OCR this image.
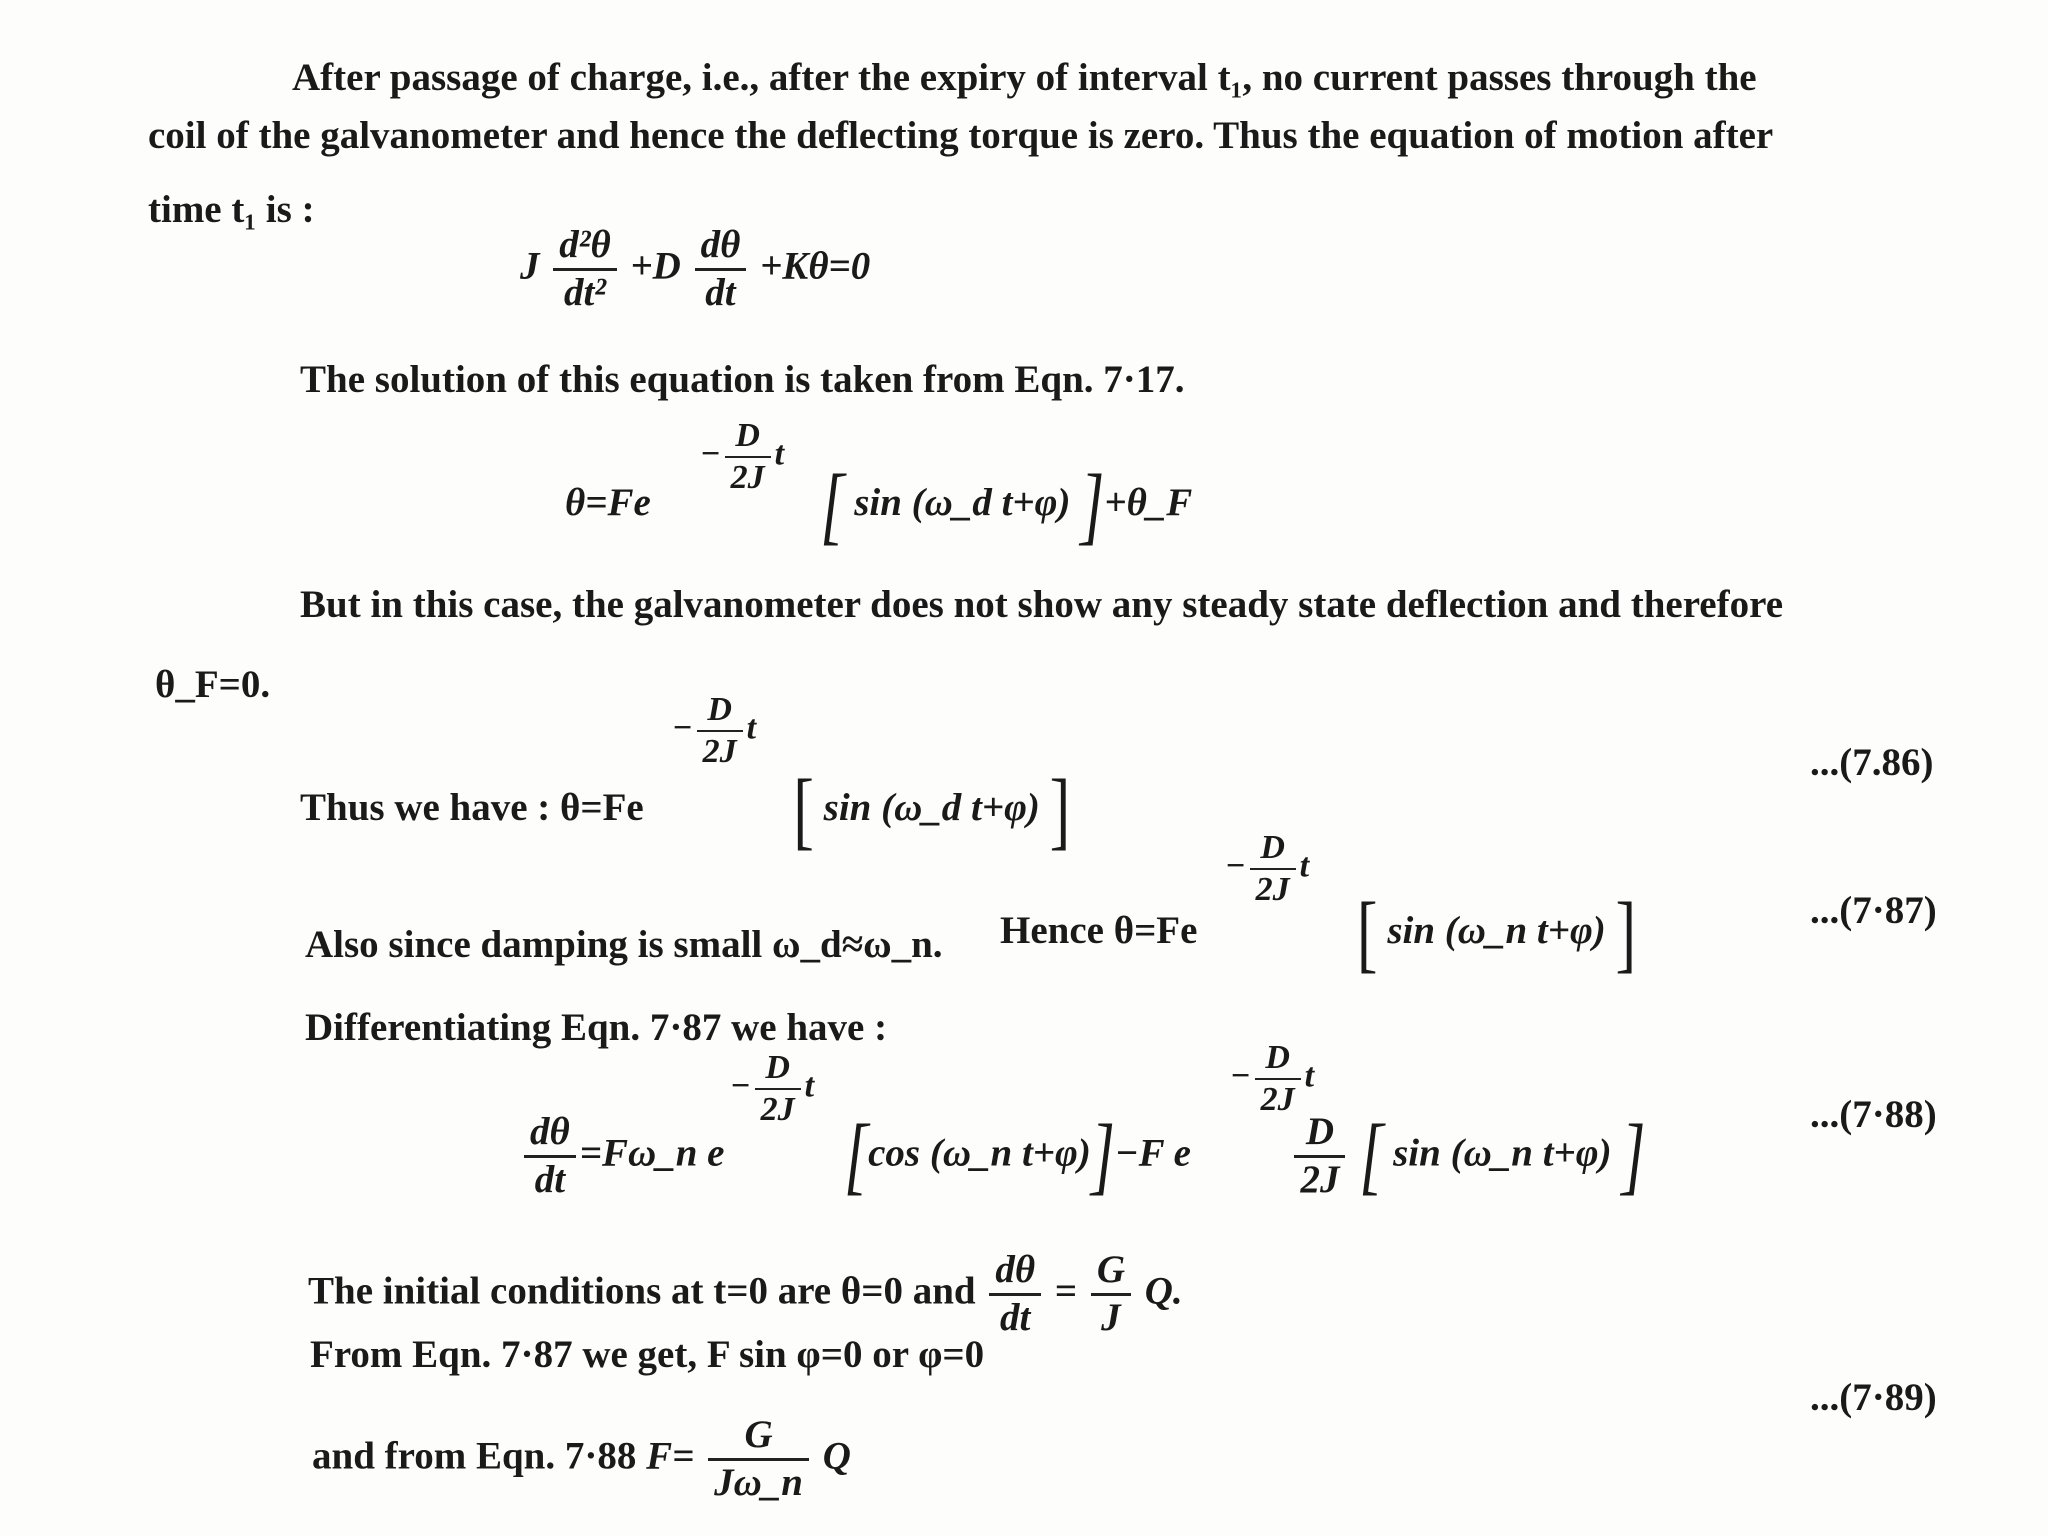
After passage of charge, i.e., after the expiry of interval t₁, no current passes through the
coil of the galvanometer and hence the deflecting torque is zero. Thus the equation of motion after
time t₁ is :
J $\frac{\text{d²θ}}{\text{dt²}} +D \frac{d\theta}{dt} +K\theta=0$
The solution of this equation is taken from Eqn. 7·17.
− $\frac{D}{2J}$ t
θ=Fe	[ sin (ω_d t+φ) ]+θ_F
But in this case, the galvanometer does not show any steady state deflection and therefore
θ_F=0.
− $\frac{D}{2J}$ t
Thus we have : θ=Fe [ sin (ω_d t+φ) ]
...(7.86)
− $\frac{D}{2J}$ t
Also since damping is small ω_d≈ω_n. Hence θ=Fe	[ sin (ω_n t+φ) ]	...(7·87)
Differentiating Eqn. 7·87 we have :
− $\frac{D}{2J}$ t	− $\frac{D}{2J}$ t
$\frac{d\theta}{dt}$ =Fω_n e [cos (ω_n t+φ)]−F e	$\frac{D}{2J}$ [ sin (ω_n t+φ) ]	...(7·88)
The initial conditions at t=0 are θ=0 and $\frac{d\theta}{dt} = \frac{G}{J} Q$.
From Eqn. 7·87 we get, F sin φ=0 or φ=0
and from Eqn. 7·88 $F= \frac{G}{J\omega\_n}$ Q
...(7·89)
